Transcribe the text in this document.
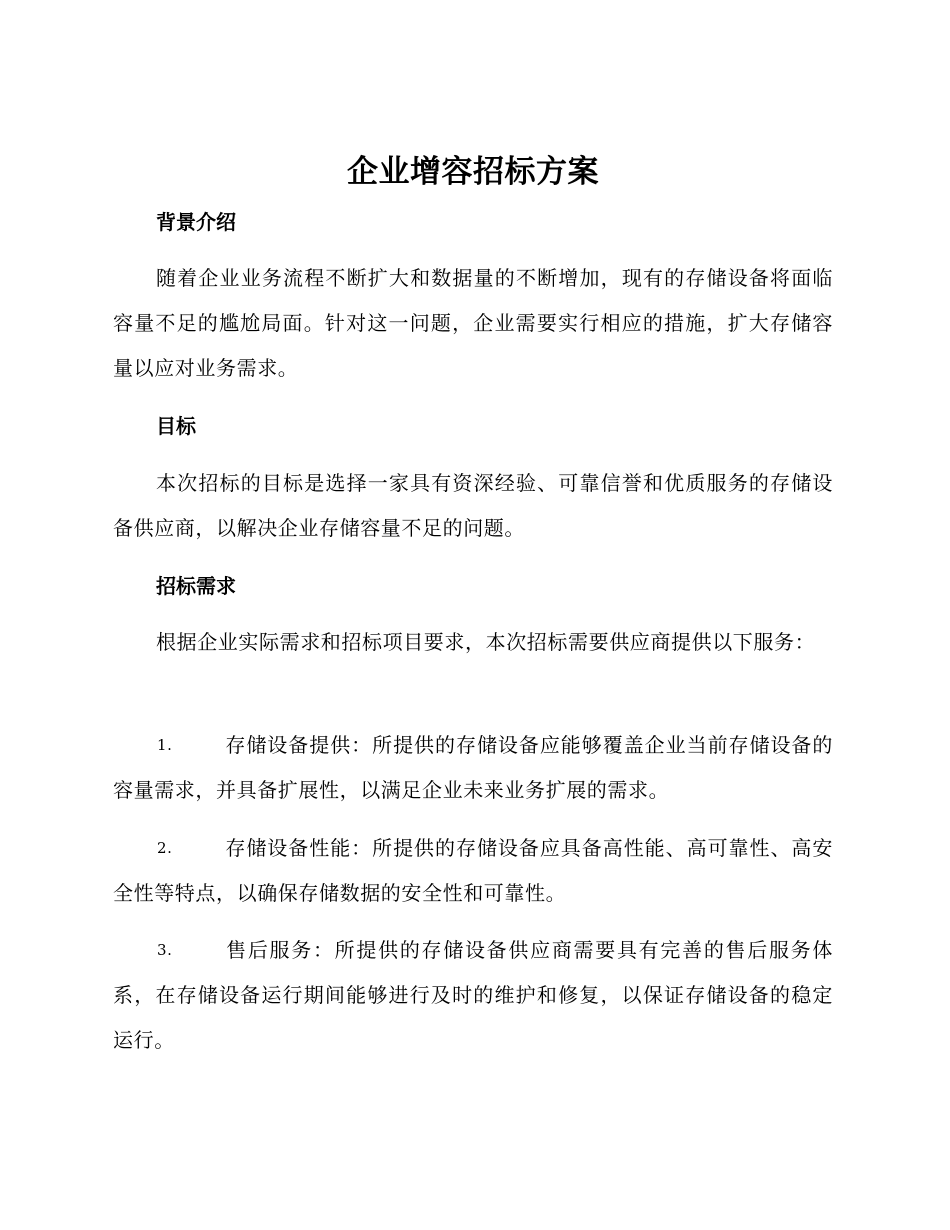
企业增容招标方案
背景介绍
随着企业业务流程不断扩大和数据量的不断增加，现有的存储设备将面临容量不足的尴尬局面。针对这一问题，企业需要实行相应的措施，扩大存储容量以应对业务需求。
目标
本次招标的目标是选择一家具有资深经验、可靠信誉和优质服务的存储设备供应商，以解决企业存储容量不足的问题。
招标需求
根据企业实际需求和招标项目要求，本次招标需要供应商提供以下服务：
1.	存储设备提供：所提供的存储设备应能够覆盖企业当前存储设备的容量需求，并具备扩展性，以满足企业未来业务扩展的需求。
2.	存储设备性能：所提供的存储设备应具备高性能、高可靠性、高安全性等特点，以确保存储数据的安全性和可靠性。
3.	售后服务：所提供的存储设备供应商需要具有完善的售后服务体系，在存储设备运行期间能够进行及时的维护和修复，以保证存储设备的稳定运行。
